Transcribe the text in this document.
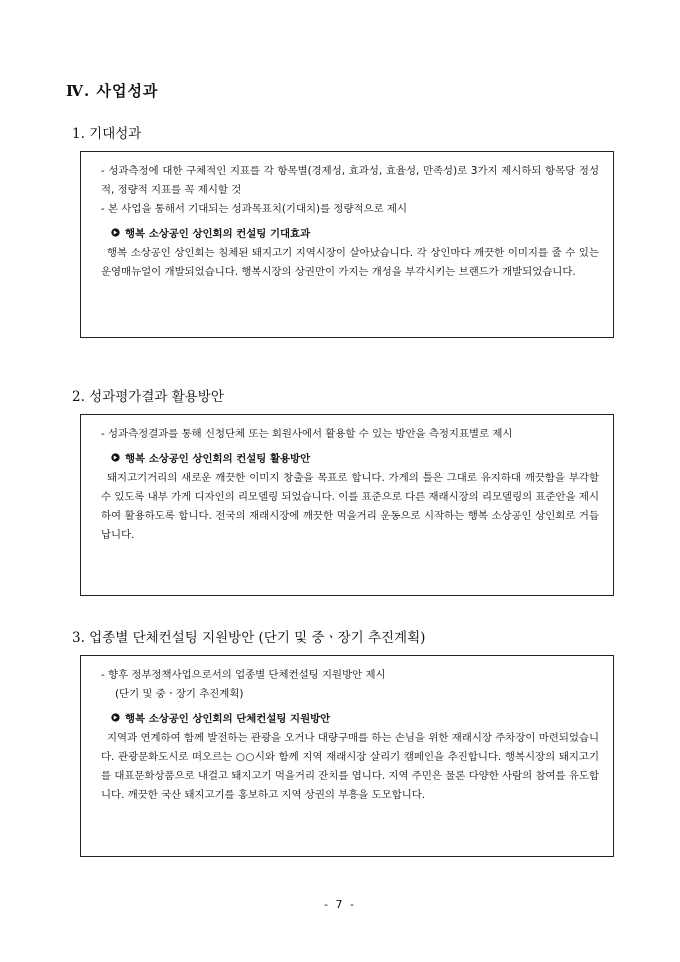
Ⅳ. 사업성과
1. 기대성과

- 성과측정에 대한 구체적인 지표를 각 항목별(경제성, 효과성, 효율성, 만족성)로 3가지 제시하되 항목당 정성적, 정량적 지표를 꼭 제시할 것

- 본 사업을 통해서 기대되는 성과목표치(기대치)를 정량적으로 제시

행복 소상공인 상인회의 컨설팅 기대효과

행복 소상공인 상인회는 침체된 돼지고기 지역시장이 살아났습니다. 각 상인마다 깨끗한 이미지를 줄 수 있는 운영매뉴얼이 개발되었습니다. 행복시장의 상권만이 가지는 개성을 부각시키는 브랜드가 개발되었습니다.

2. 성과평가결과 활용방안

- 성과측정결과를 통해 신청단체 또는 회원사에서 활용할 수 있는 방안을 측정지표별로 제시

행복 소상공인 상인회의 컨설팅 활용방안

돼지고기거리의 새로운 깨끗한 이미지 창출을 목표로 합니다. 가게의 틀은 그대로 유지하대 깨끗함을 부각할 수 있도록 내부 가게 디자인의 리모델링 되었습니다. 이를 표준으로 다른 재래시장의 리모델링의 표준안을 제시하여 활용하도록 합니다. 전국의 재래시장에 깨끗한 먹을거리 운동으로 시작하는 행복 소상공인 상인회로 거듭납니다.

3. 업종별 단체컨설팅 지원방안 (단기 및 중ㆍ장기 추진계획)

- 향후 정부정책사업으로서의 업종별 단체컨설팅 지원방안 제시

(단기 및 중ㆍ장기 추진계획)

행복 소상공인 상인회의 단체컨설팅 지원방안

지역과 연계하여 함께 발전하는 관광을 오거나 대량구매를 하는 손님을 위한 재래시장 주차장이 마련되었습니다. 관광문화도시로 떠오르는 ○○시와 함께 지역 재래시장 살리기 캠페인을 추진합니다. 행복시장의 돼지고기를 대표문화상품으로 내걸고 돼지고기 먹을거리 잔치를 엽니다. 지역 주민은 물론 다양한 사람의 참여를 유도합니다. 깨끗한 국산 돼지고기를 홍보하고 지역 상권의 부흥을 도모합니다.

- 7 -
